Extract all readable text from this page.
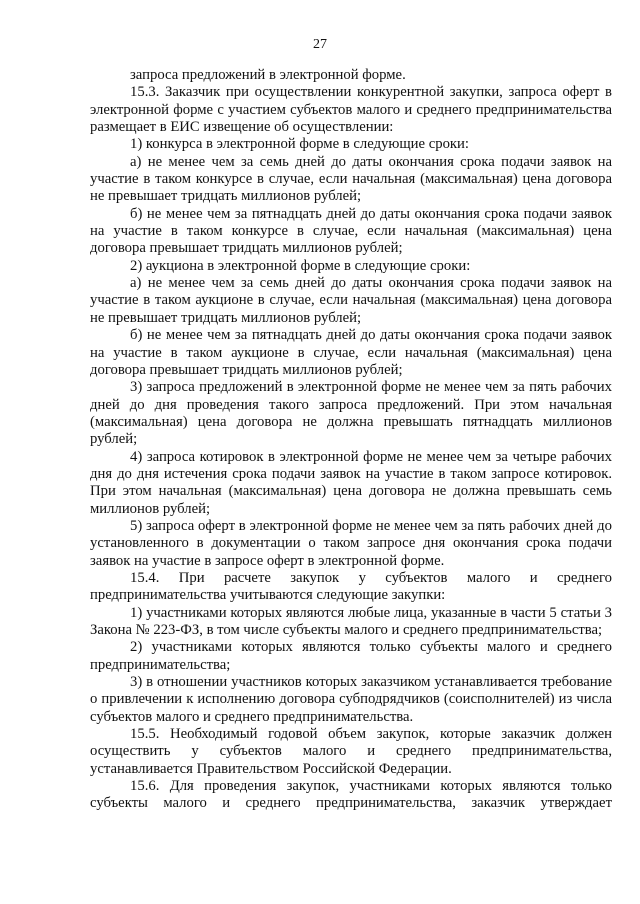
27

запроса предложений в электронной форме.

15.3. Заказчик при осуществлении конкурентной закупки, запроса оферт в электронной форме с участием субъектов малого и среднего предпринимательства размещает в ЕИС извещение об осуществлении:

1) конкурса в электронной форме в следующие сроки:

а) не менее чем за семь дней до даты окончания срока подачи заявок на участие в таком конкурсе в случае, если начальная (максимальная) цена договора не превышает тридцать миллионов рублей;

б) не менее чем за пятнадцать дней до даты окончания срока подачи заявок на участие в таком конкурсе в случае, если начальная (максимальная) цена договора превышает тридцать миллионов рублей;

2) аукциона в электронной форме в следующие сроки:

а) не менее чем за семь дней до даты окончания срока подачи заявок на участие в таком аукционе в случае, если начальная (максимальная) цена договора не превышает тридцать миллионов рублей;

б) не менее чем за пятнадцать дней до даты окончания срока подачи заявок на участие в таком аукционе в случае, если начальная (максимальная) цена договора превышает тридцать миллионов рублей;

3) запроса предложений в электронной форме не менее чем за пять рабочих дней до дня проведения такого запроса предложений. При этом начальная (максимальная) цена договора не должна превышать пятнадцать миллионов рублей;

4) запроса котировок в электронной форме не менее чем за четыре рабочих дня до дня истечения срока подачи заявок на участие в таком запросе котировок. При этом начальная (максимальная) цена договора не должна превышать семь миллионов рублей;

5) запроса оферт в электронной форме не менее чем за пять рабочих дней до установленного в документации о таком запросе дня окончания срока подачи заявок на участие в запросе оферт в электронной форме.

15.4. При расчете закупок у субъектов малого и среднего предпринимательства учитываются следующие закупки:

1) участниками которых являются любые лица, указанные в части 5 статьи 3 Закона № 223-ФЗ, в том числе субъекты малого и среднего предпринимательства;

2) участниками которых являются только субъекты малого и среднего предпринимательства;

3) в отношении участников которых заказчиком устанавливается требование о привлечении к исполнению договора субподрядчиков (соисполнителей) из числа субъектов малого и среднего предпринимательства.

15.5. Необходимый годовой объем закупок, которые заказчик должен осуществить у субъектов малого и среднего предпринимательства, устанавливается Правительством Российской Федерации.

15.6. Для проведения закупок, участниками которых являются только субъекты малого и среднего предпринимательства, заказчик утверждает
